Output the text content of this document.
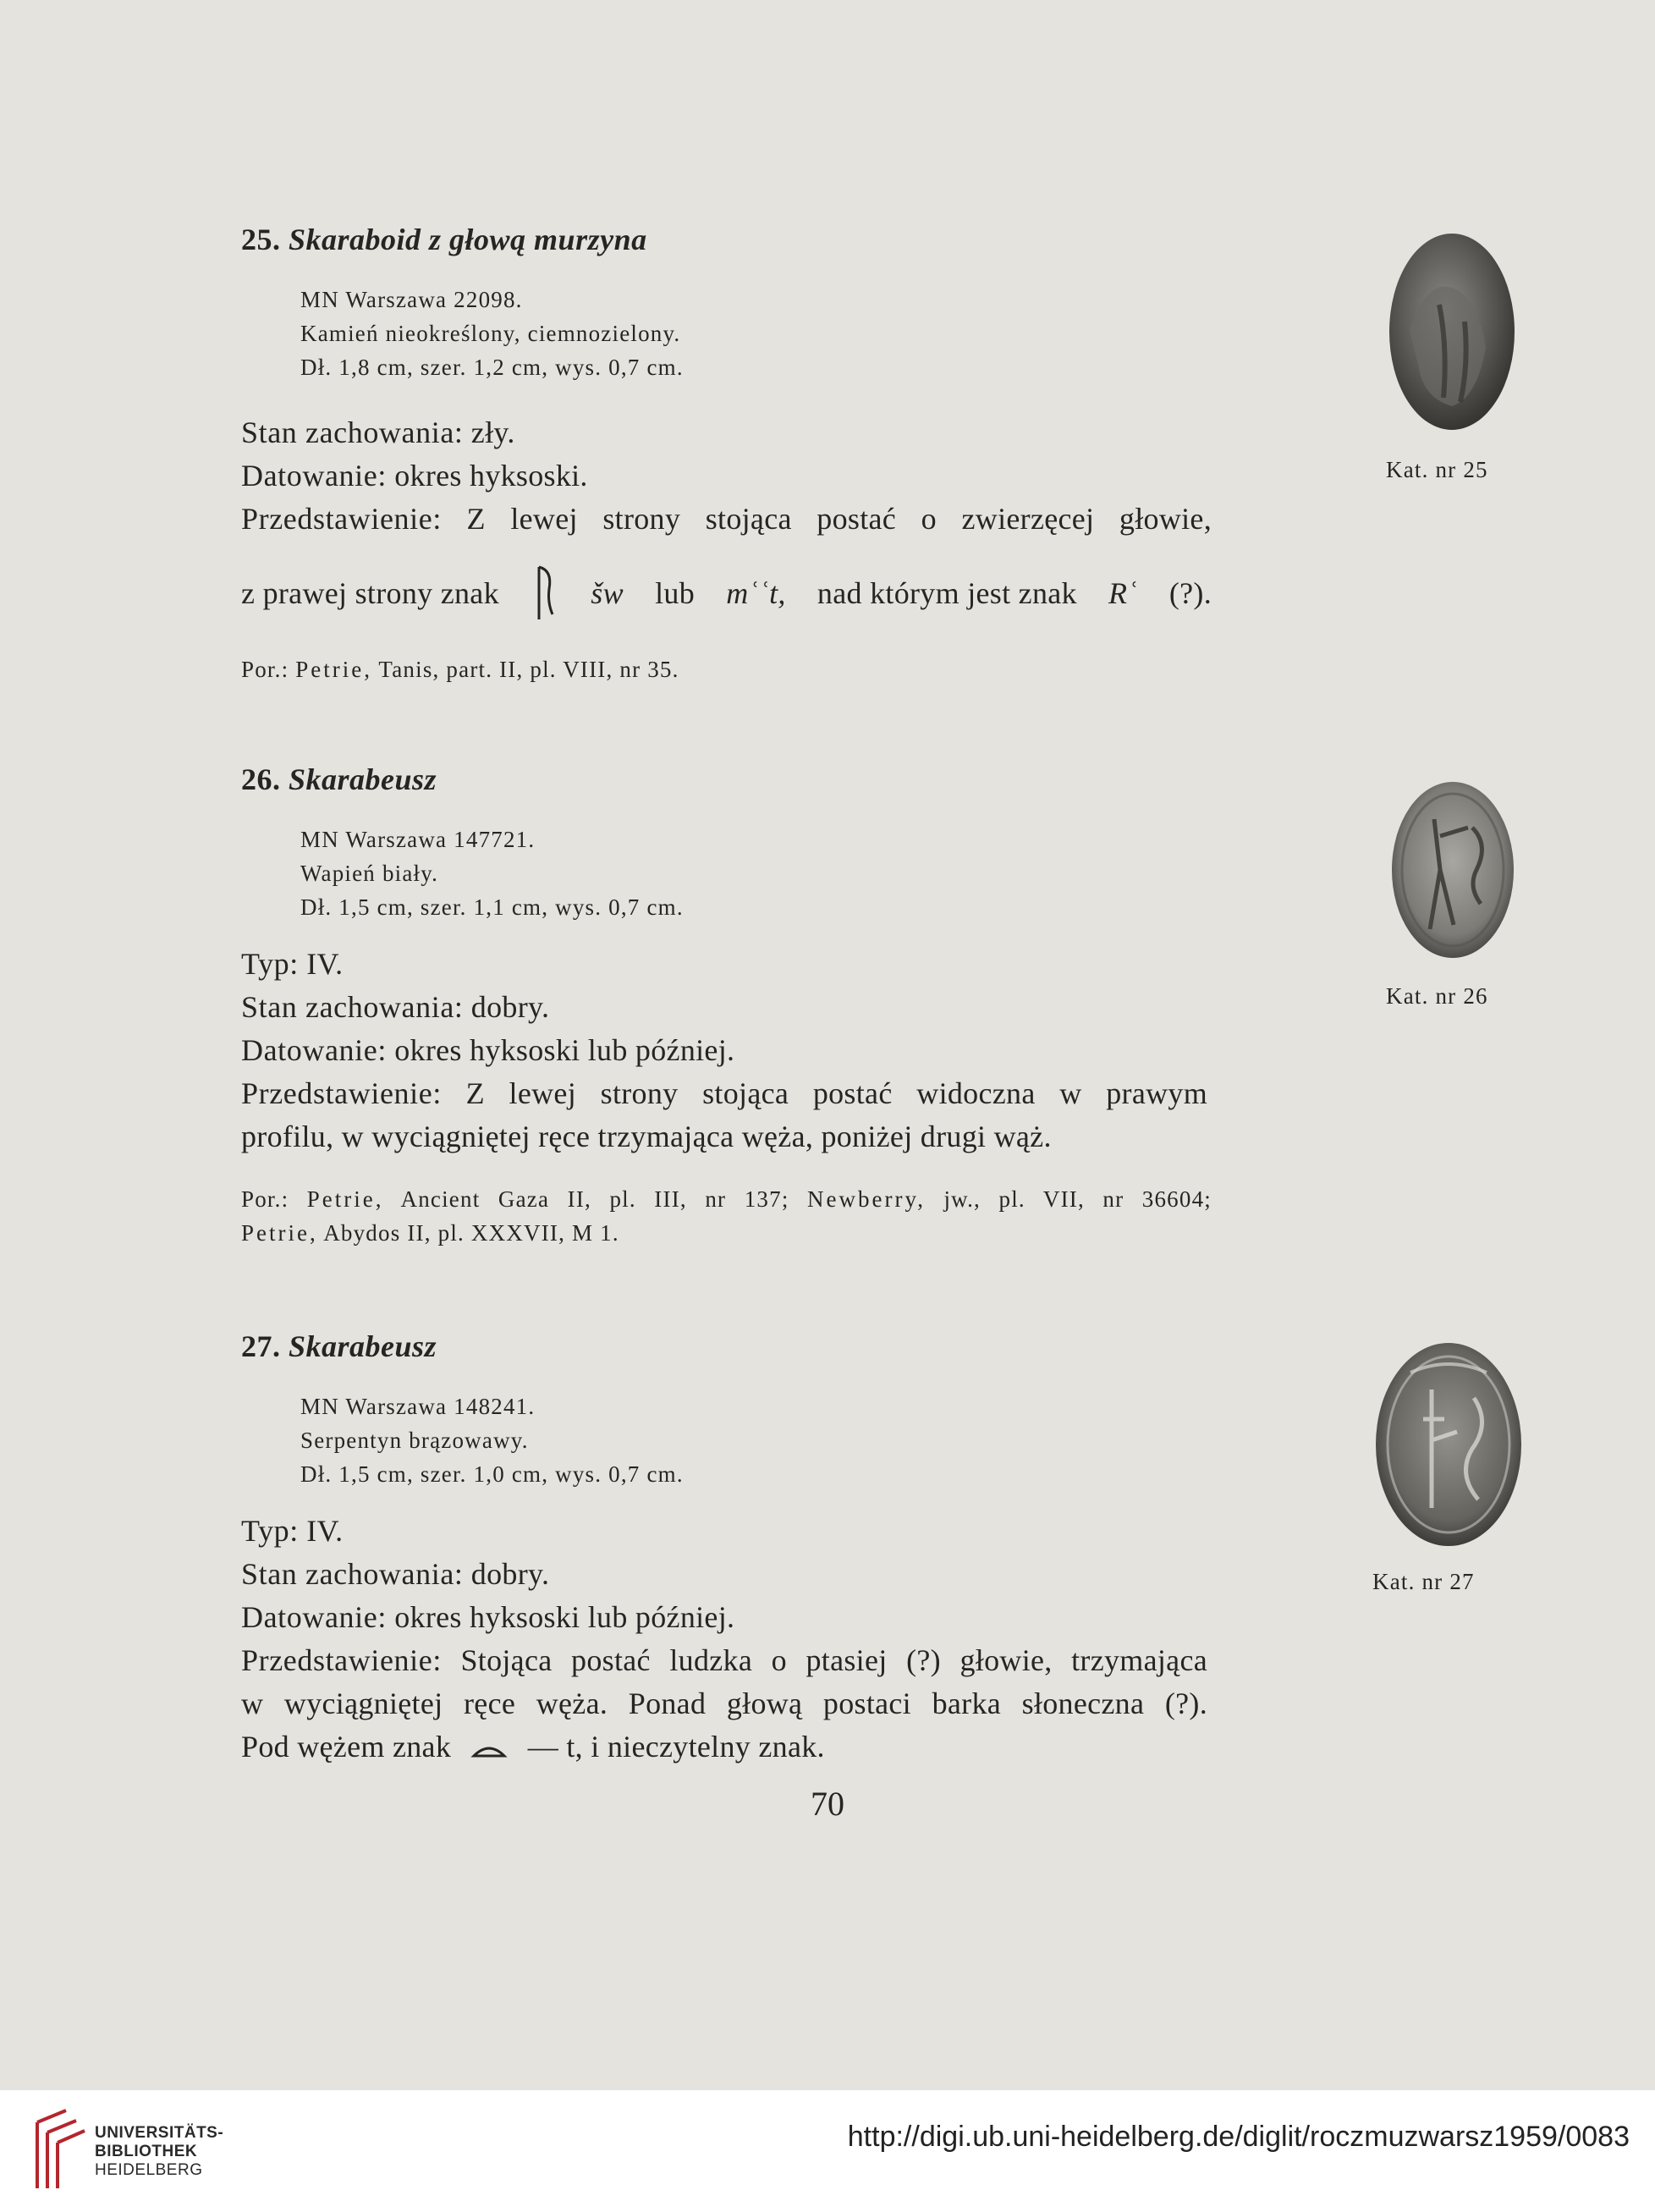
25. Skaraboid z głową murzyna
MN Warszawa 22098.
Kamień nieokreślony, ciemnozielony.
Dł. 1,8 cm, szer. 1,2 cm, wys. 0,7 cm.

Stan zachowania: zły.

Datowanie: okres hyksoski.

Przedstawienie: Z lewej strony stojąca postać o zwierzęcej głowie,

z prawej strony znak	šw lub mʿʿt, nad którym jest znak Rʿ (?).

Por.: Petrie, Tanis, part. II, pl. VIII, nr 35.
26. Skarabeusz
MN Warszawa 147721.
Wapień biały.
Dł. 1,5 cm, szer. 1,1 cm, wys. 0,7 cm.

Typ: IV.

Stan zachowania: dobry.

Datowanie: okres hyksoski lub później.

Przedstawienie: Z lewej strony stojąca postać widoczna w prawym

profilu, w wyciągniętej ręce trzymająca węża, poniżej drugi wąż.

Por.: Petrie, Ancient Gaza II, pl. III, nr 137; Newberry, jw., pl. VII, nr 36604;
Petrie, Abydos II, pl. XXXVII, M 1.
27. Skarabeusz
MN Warszawa 148241.
Serpentyn brązowawy.
Dł. 1,5 cm, szer. 1,0 cm, wys. 0,7 cm.

Typ: IV.

Stan zachowania: dobry.

Datowanie: okres hyksoski lub później.

Przedstawienie: Stojąca postać ludzka o ptasiej (?) głowie, trzymająca

w wyciągniętej ręce węża. Ponad głową postaci barka słoneczna (?).

Pod wężem znak	— t, i nieczytelny znak.

Kat. nr 25
Kat. nr 26
Kat. nr 27
70
UNIVERSITÄTS-
BIBLIOTHEK
HEIDELBERG
http://digi.ub.uni-heidelberg.de/diglit/roczmuzwarsz1959/0083
